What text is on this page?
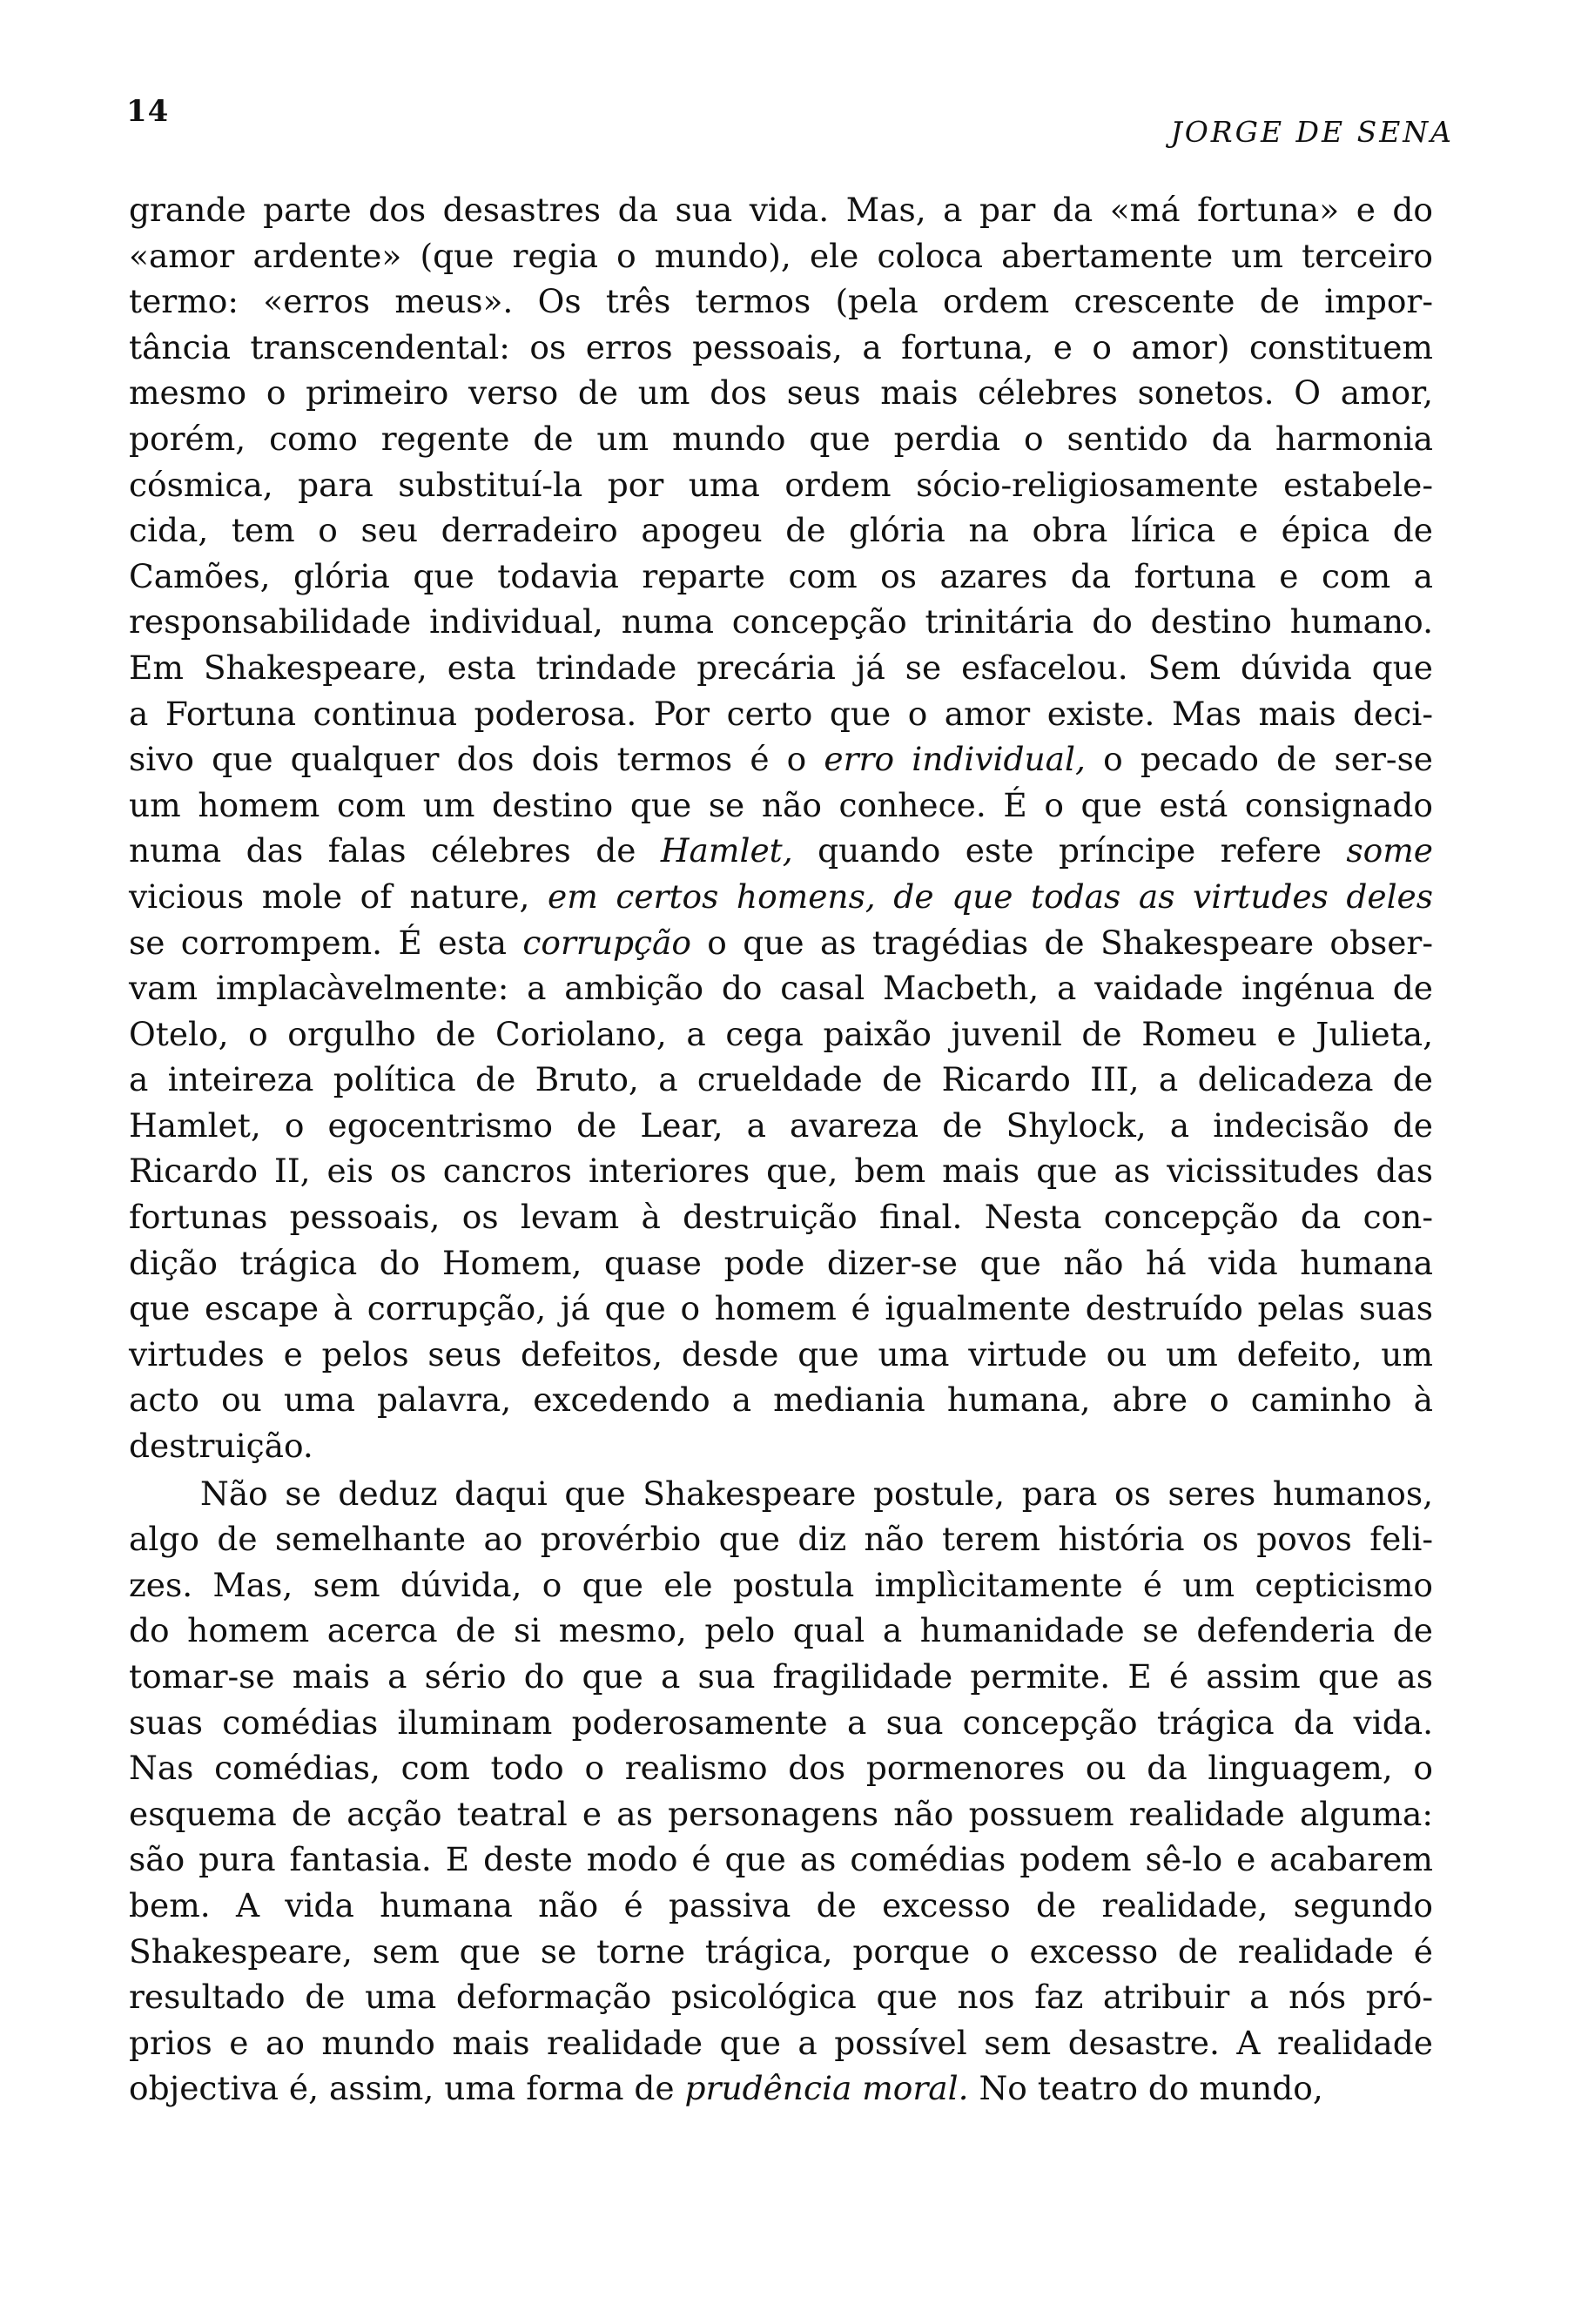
14
JORGE DE SENA
grande parte dos desastres da sua vida. Mas, a par da «má fortuna» e do
«amor ardente» (que regia o mundo), ele coloca abertamente um terceiro
termo: «erros meus». Os três termos (pela ordem crescente de impor-
tância transcendental: os erros pessoais, a fortuna, e o amor) constituem
mesmo o primeiro verso de um dos seus mais célebres sonetos. O amor,
porém, como regente de um mundo que perdia o sentido da harmonia
cósmica, para substituí-la por uma ordem sócio-religiosamente estabele-
cida, tem o seu derradeiro apogeu de glória na obra lírica e épica de
Camões, glória que todavia reparte com os azares da fortuna e com a
responsabilidade individual, numa concepção trinitária do destino humano.
Em Shakespeare, esta trindade precária já se esfacelou. Sem dúvida que
a Fortuna continua poderosa. Por certo que o amor existe. Mas mais deci-
sivo que qualquer dos dois termos é o erro individual, o pecado de ser-se
um homem com um destino que se não conhece. É o que está consignado
numa das falas célebres de Hamlet, quando este príncipe refere some
vicious mole of nature, em certos homens, de que todas as virtudes deles
se corrompem. É esta corrupção o que as tragédias de Shakespeare obser-
vam implacàvelmente: a ambição do casal Macbeth, a vaidade ingénua de
Otelo, o orgulho de Coriolano, a cega paixão juvenil de Romeu e Julieta,
a inteireza política de Bruto, a crueldade de Ricardo III, a delicadeza de
Hamlet, o egocentrismo de Lear, a avareza de Shylock, a indecisão de
Ricardo II, eis os cancros interiores que, bem mais que as vicissitudes das
fortunas pessoais, os levam à destruição final. Nesta concepção da con-
dição trágica do Homem, quase pode dizer-se que não há vida humana
que escape à corrupção, já que o homem é igualmente destruído pelas suas
virtudes e pelos seus defeitos, desde que uma virtude ou um defeito, um
acto ou uma palavra, excedendo a mediania humana, abre o caminho à
destruição.
Não se deduz daqui que Shakespeare postule, para os seres humanos,
algo de semelhante ao provérbio que diz não terem história os povos feli-
zes. Mas, sem dúvida, o que ele postula implìcitamente é um cepticismo
do homem acerca de si mesmo, pelo qual a humanidade se defenderia de
tomar-se mais a sério do que a sua fragilidade permite. E é assim que as
suas comédias iluminam poderosamente a sua concepção trágica da vida.
Nas comédias, com todo o realismo dos pormenores ou da linguagem, o
esquema de acção teatral e as personagens não possuem realidade alguma:
são pura fantasia. E deste modo é que as comédias podem sê-lo e acabarem
bem. A vida humana não é passiva de excesso de realidade, segundo
Shakespeare, sem que se torne trágica, porque o excesso de realidade é
resultado de uma deformação psicológica que nos faz atribuir a nós pró-
prios e ao mundo mais realidade que a possível sem desastre. A realidade
objectiva é, assim, uma forma de prudência moral. No teatro do mundo,
